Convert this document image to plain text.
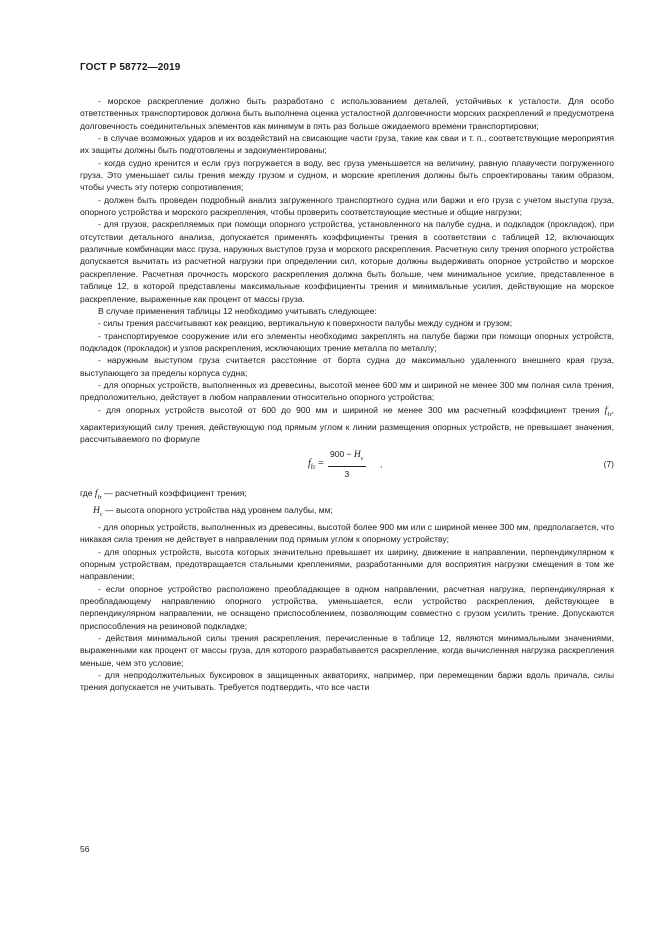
ГОСТ Р 58772—2019

- морское раскрепление должно быть разработано с использованием деталей, устойчивых к усталости. Для особо ответственных транспортировок должна быть выполнена оценка усталостной долговечности морских раскреплений и предусмотрена долговечность соединительных элементов как минимум в пять раз больше ожидаемого времени транспортировки;

- в случае возможных ударов и их воздействий на свисающие части груза, такие как сваи и т. п., соответствующие мероприятия их защиты должны быть подготовлены и задокументированы;

- когда судно кренится и если груз погружается в воду, вес груза уменьшается на величину, равную плавучести погруженного груза. Это уменьшает силы трения между грузом и судном, и морские крепления должны быть спроектированы таким образом, чтобы учесть эту потерю сопротивления;

- должен быть проведен подробный анализ загруженного транспортного судна или баржи и его груза с учетом выступа груза, опорного устройства и морского раскрепления, чтобы проверить соответствующие местные и общие нагрузки;

- для грузов, раскрепляемых при помощи опорного устройства, установленного на палубе судна, и подкладок (прокладок), при отсутствии детального анализа, допускается применять коэффициенты трения в соответствии с таблицей 12, включающих различные комбинации масс груза, наружных выступов груза и морского раскрепления. Расчетную силу трения опорного устройства допускается вычитать из расчетной нагрузки при определении сил, которые должны выдерживать опорное устройство и морское раскрепление. Расчетная прочность морского раскрепления должна быть больше, чем минимальное усилие, представленное в таблице 12, в которой представлены максимальные коэффициенты трения и минимальные усилия, действующие на морское раскрепление, выраженные как процент от массы груза.

В случае применения таблицы 12 необходимо учитывать следующее:

- силы трения рассчитывают как реакцию, вертикальную к поверхности палубы между судном и грузом;

- транспортируемое сооружение или его элементы необходимо закреплять на палубе баржи при помощи опорных устройств, подкладок (прокладок) и узлов раскрепления, исключающих трение металла по металлу;

- наружным выступом груза считается расстояние от борта судна до максимально удаленного внешнего края груза, выступающего за пределы корпуса судна;

- для опорных устройств, выполненных из древесины, высотой менее 600 мм и шириной не менее 300 мм полная сила трения, предположительно, действует в любом направлении относительно опорного устройства;

- для опорных устройств высотой от 600 до 900 мм и шириной не менее 300 мм расчетный коэффициент трения $f_{fr}$, характеризующий силу трения, действующую под прямым углом к линии размещения опорных устройств, не превышает значения, рассчитываемого по формуле

$f_{fr} = \frac{900 - H_c}{3}$ ,	(7)

где $f_{fr}$ — расчетный коэффициент трения;

$H_c$ — высота опорного устройства над уровнем палубы, мм;

- для опорных устройств, выполненных из древесины, высотой более 900 мм или с шириной менее 300 мм, предполагается, что никакая сила трения не действует в направлении под прямым углом к опорному устройству;

- для опорных устройств, высота которых значительно превышает их ширину, движение в направлении, перпендикулярном к опорным устройствам, предотвращается стальными креплениями, разработанными для восприятия нагрузки смещения в том же направлении;

- если опорное устройство расположено преобладающее в одном направлении, расчетная нагрузка, перпендикулярная к преобладающему направлению опорного устройства, уменьшается, если устройство раскрепления, действующее в перпендикулярном направлении, не оснащено приспособлением, позволяющим совместно с грузом усилить трение. Допускаются приспособления на резиновой подкладке;

- действия минимальной силы трения раскрепления, перечисленные в таблице 12, являются минимальными значениями, выраженными как процент от массы груза, для которого разрабатывается раскрепление, когда вычисленная нагрузка раскрепления меньше, чем это условие;

- для непродолжительных буксировок в защищенных акваториях, например, при перемещении баржи вдоль причала, силы трения допускается не учитывать. Требуется подтвердить, что все части

56
